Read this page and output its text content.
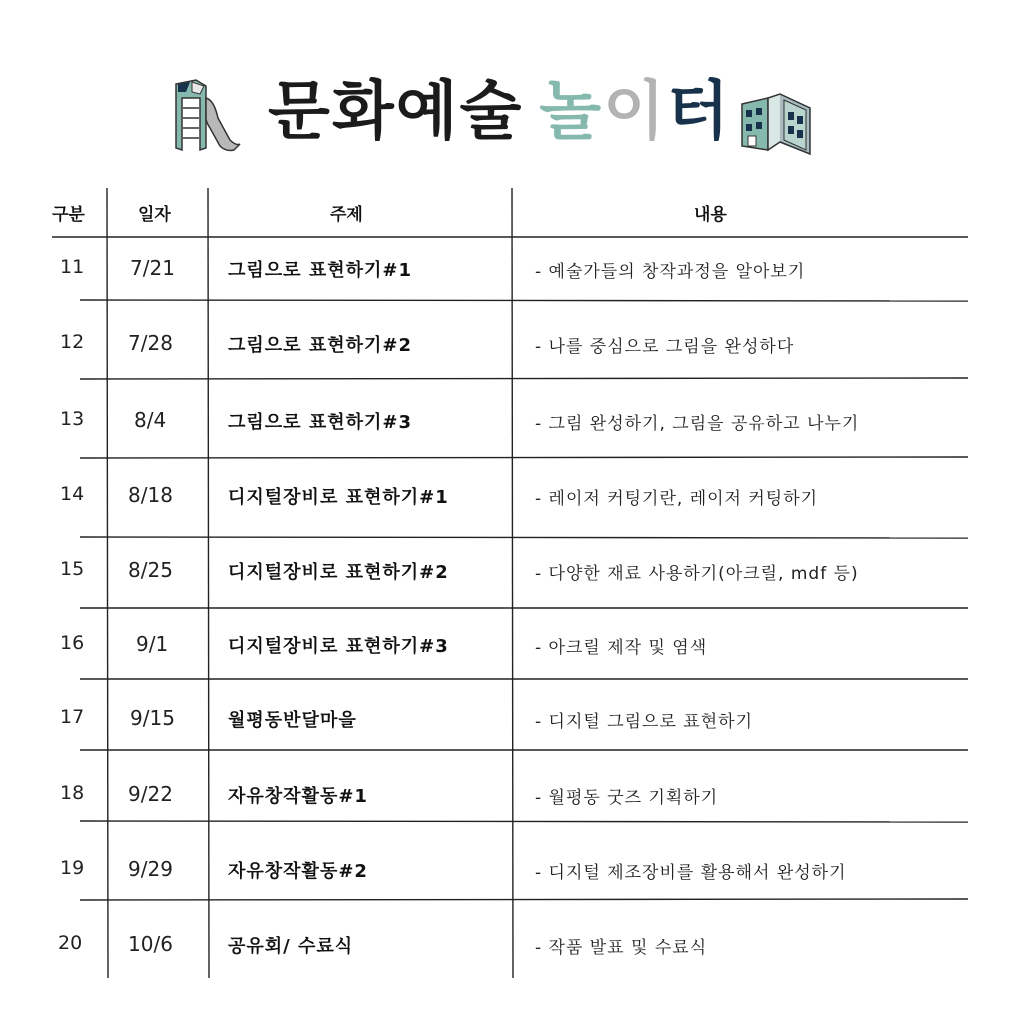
문화예술 놀이터
구분	일자	주제	내용
11 7/21	그림으로 표현하기#1	- 예술가들의 창작과정을 알아보기
12 7/28	그림으로 표현하기#2	- 나를 중심으로 그림을 완성하다
13 8/4	그림으로 표현하기#3	- 그림 완성하기, 그림을 공유하고 나누기
14 8/18	디지털장비로 표현하기#1	- 레이저 커팅기란, 레이저 커팅하기
15 8/25	디지털장비로 표현하기#2	- 다양한 재료 사용하기(아크릴, mdf 등)
16	9/1	디지털장비로 표현하기#3	- 아크릴 제작 및 염색
17 9/15	월평동반달마을	- 디지털 그림으로 표현하기
18 9/22	자유창작활동#1	- 월평동 굿즈 기획하기
19 9/29	자유창작활동#2	- 디지털 제조장비를 활용해서 완성하기
20 10/6	공유회/ 수료식	- 작품 발표 및 수료식
